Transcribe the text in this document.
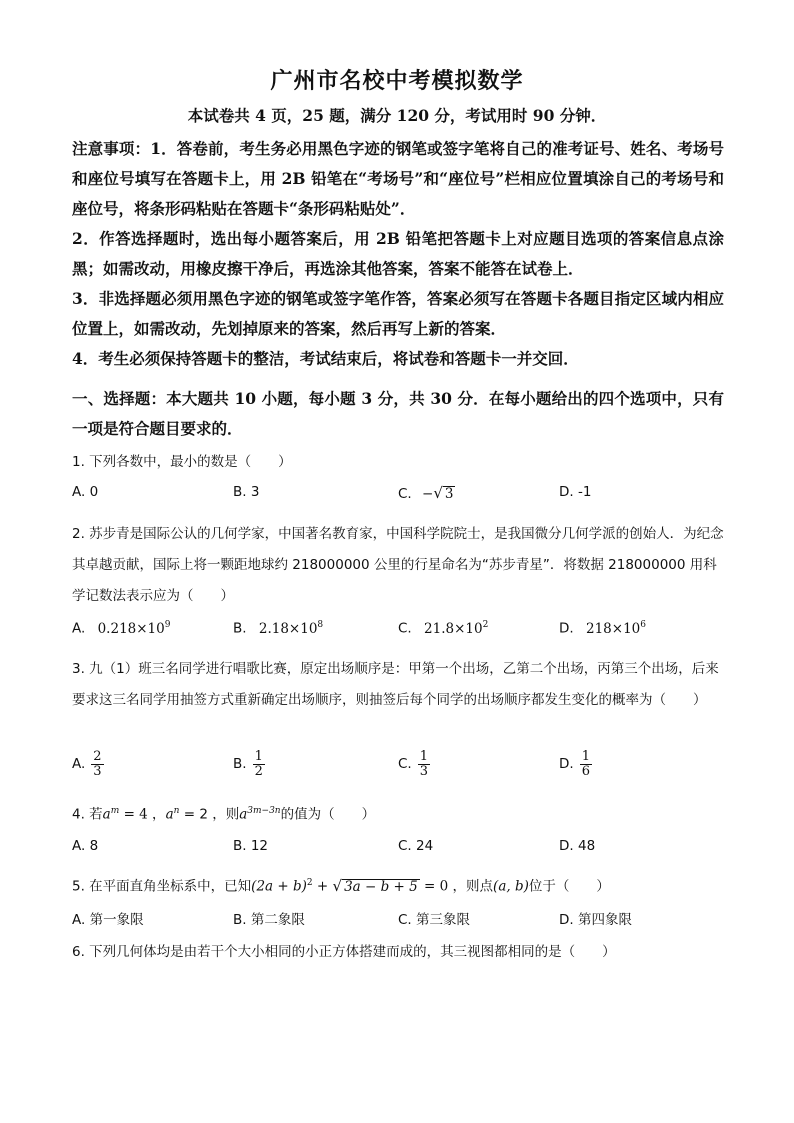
广州市名校中考模拟数学
本试卷共 4 页，25 题，满分 120 分，考试用时 90 分钟．
注意事项：1．答卷前，考生务必用黑色字迹的钢笔或签字笔将自己的准考证号、姓名、考场号和座位号填写在答题卡上，用 2B 铅笔在“考场号”和“座位号”栏相应位置填涂自己的考场号和座位号，将条形码粘贴在答题卡“条形码粘贴处”．
2．作答选择题时，选出每小题答案后，用 2B 铅笔把答题卡上对应题目选项的答案信息点涂黑；如需改动，用橡皮擦干净后，再选涂其他答案，答案不能答在试卷上．
3．非选择题必须用黑色字迹的钢笔或签字笔作答，答案必须写在答题卡各题目指定区域内相应位置上，如需改动，先划掉原来的答案，然后再写上新的答案．
4．考生必须保持答题卡的整洁，考试结束后，将试卷和答题卡一并交回．
一、选择题：本大题共 10 小题，每小题 3 分，共 30 分．在每小题给出的四个选项中，只有一项是符合题目要求的．
1. 下列各数中，最小的数是（　　）
A. 0	B. 3	C. −√ 3	D. -1
2. 苏步青是国际公认的几何学家，中国著名教育家，中国科学院院士，是我国微分几何学派的创始人．为纪念其卓越贡献，国际上将一颗距地球约 218000000 公里的行星命名为“苏步青星”．将数据 218000000 用科学记数法表示应为（　　）
A. $0.218\times 10^9$	B. $2.18\times 10^8$	C. $21.8\times 10^2$	D. $218\times 10^6$
3. 九（1）班三名同学进行唱歌比赛，原定出场顺序是：甲第一个出场，乙第二个出场，丙第三个出场，后来要求这三名同学用抽签方式重新确定出场顺序，则抽签后每个同学的出场顺序都发生变化的概率为（　　）
A. $\frac{2}{3}$	B. $\frac{1}{2}$	C. $\frac{1}{3}$	D. $\frac{1}{6}$
4. 若$a^m = 4$ ，$a^n = 2$ ，则$a^{3m-3n}$的值为（　　）
A. 8	B. 12	C. 24	D. 48
5. 在平面直角坐标系中，已知$(2a + b)^2$ + √ 3a − b + 5 = 0 ，则点(a, b)位于（　　）
A. 第一象限	B. 第二象限	C. 第三象限	D. 第四象限
6. 下列几何体均是由若干个大小相同的小正方体搭建而成的，其三视图都相同的是（　　）
